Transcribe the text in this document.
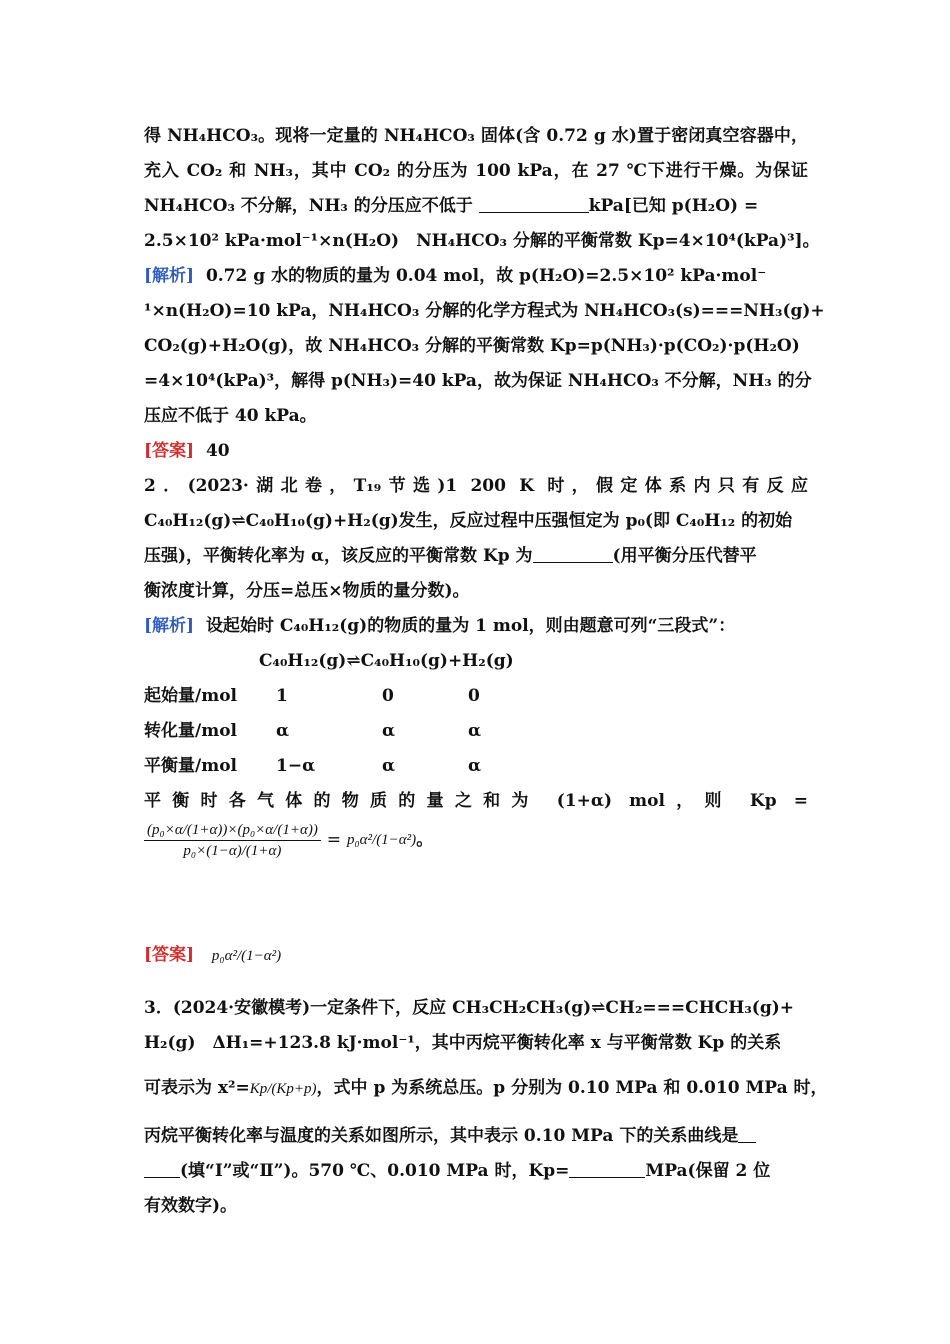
得 NH₄HCO₃。现将一定量的 NH₄HCO₃ 固体(含 0.72 g 水)置于密闭真空容器中，
充入 CO₂ 和 NH₃，其中 CO₂ 的分压为 100 kPa，在 27 ℃下进行干燥。为保证
NH₄HCO₃ 不分解，NH₃ 的分压应不低于	kPa[已知 p(H₂O) =
2.5×10² kPa·mol⁻¹×n(H₂O)　NH₄HCO₃ 分解的平衡常数 Kp=4×10⁴(kPa)³]。
[解析] 0.72 g 水的物质的量为 0.04 mol，故 p(H₂O)=2.5×10² kPa·mol⁻
¹×n(H₂O)=10 kPa，NH₄HCO₃ 分解的化学方程式为 NH₄HCO₃(s)===NH₃(g)+
CO₂(g)+H₂O(g)，故 NH₄HCO₃ 分解的平衡常数 Kp=p(NH₃)·p(CO₂)·p(H₂O)
=4×10⁴(kPa)³，解得 p(NH₃)=40 kPa，故为保证 NH₄HCO₃ 不分解，NH₃ 的分
压应不低于 40 kPa。
[答案] 40
2．(2023·湖北卷，T₁₉节选)1 200 K 时，假定体系内只有反应
C₄₀H₁₂(g)⇌C₄₀H₁₀(g)+H₂(g)发生，反应过程中压强恒定为 p₀(即 C₄₀H₁₂ 的初始
压强)，平衡转化率为 α，该反应的平衡常数 Kp 为	(用平衡分压代替平
衡浓度计算，分压=总压×物质的量分数)。
[解析] 设起始时 C₄₀H₁₂(g)的物质的量为 1 mol，则由题意可列“三段式”：
C₄₀H₁₂(g)⇌C₄₀H₁₀(g)+H₂(g)
起始量/mol 1	0	0
转化量/mol α	α	α
平衡量/mol 1−α	α	α
平衡时各气体的物质的量之和为 (1+α) mol，则 Kp =
$\frac{\text{(p₀×α/(1+α))×(p₀×α/(1+α))}}{\text{p₀×(1−α)/(1+α)}} = p_0\alpha^2/(1-\alpha^2)$ 。
[答案] p₀α²/(1−α²)
3．(2024·安徽模考)一定条件下，反应 CH₃CH₂CH₃(g)⇌CH₂===CHCH₃(g)+
H₂(g)　ΔH₁=+123.8 kJ·mol⁻¹，其中丙烷平衡转化率 x 与平衡常数 Kp 的关系
可表示为 x²= Kp/(Kp+p) ，式中 p 为系统总压。p 分别为 0.10 MPa 和 0.010 MPa 时，
丙烷平衡转化率与温度的关系如图所示，其中表示 0.10 MPa 下的关系曲线是
(填“Ⅰ”或“Ⅱ”)。570 ℃、0.010 MPa 时，Kp=	MPa(保留 2 位
有效数字)。
